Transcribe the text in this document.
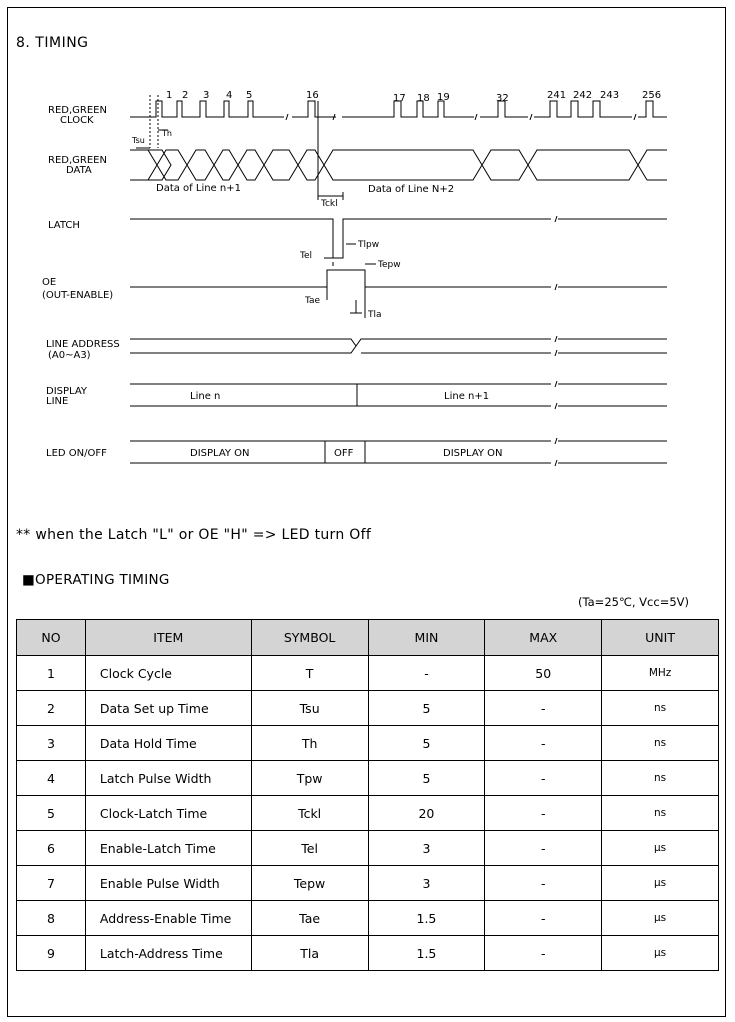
8. TIMING
RED,GREEN
CLOCK
RED,GREEN
DATA
LATCH
OE
(OUT-ENABLE)
LINE ADDRESS
(A0~A3)
DISPLAY
LINE
LED ON/OFF
1 2 3 4 5	16	17 18 19	32	241 242 243 256
Tsu
Th
Tckl
Tlpw
Tel
Tepw
Tae
Tla
Data of Line n+1	Data of Line N+2
Line n	Line n+1
DISPLAY ON	OFF	DISPLAY ON
** when the Latch "L" or OE "H" => LED turn Off
■OPERATING TIMING
(Ta=25℃, Vcc=5V)
NO	ITEM	SYMBOL	MIN	MAX	UNIT
1	Clock Cycle	T	-	50	MHz
2	Data Set up Time	Tsu	5	-	ns
3	Data Hold Time	Th	5	-	ns
4	Latch Pulse Width	Tpw	5	-	ns
5	Clock-Latch Time	Tckl	20	-	ns
6	Enable-Latch Time	Tel	3	-	µs
7	Enable Pulse Width	Tepw	3	-	µs
8	Address-Enable Time	Tae	1.5	-	µs
9	Latch-Address Time	Tla	1.5	-	µs
